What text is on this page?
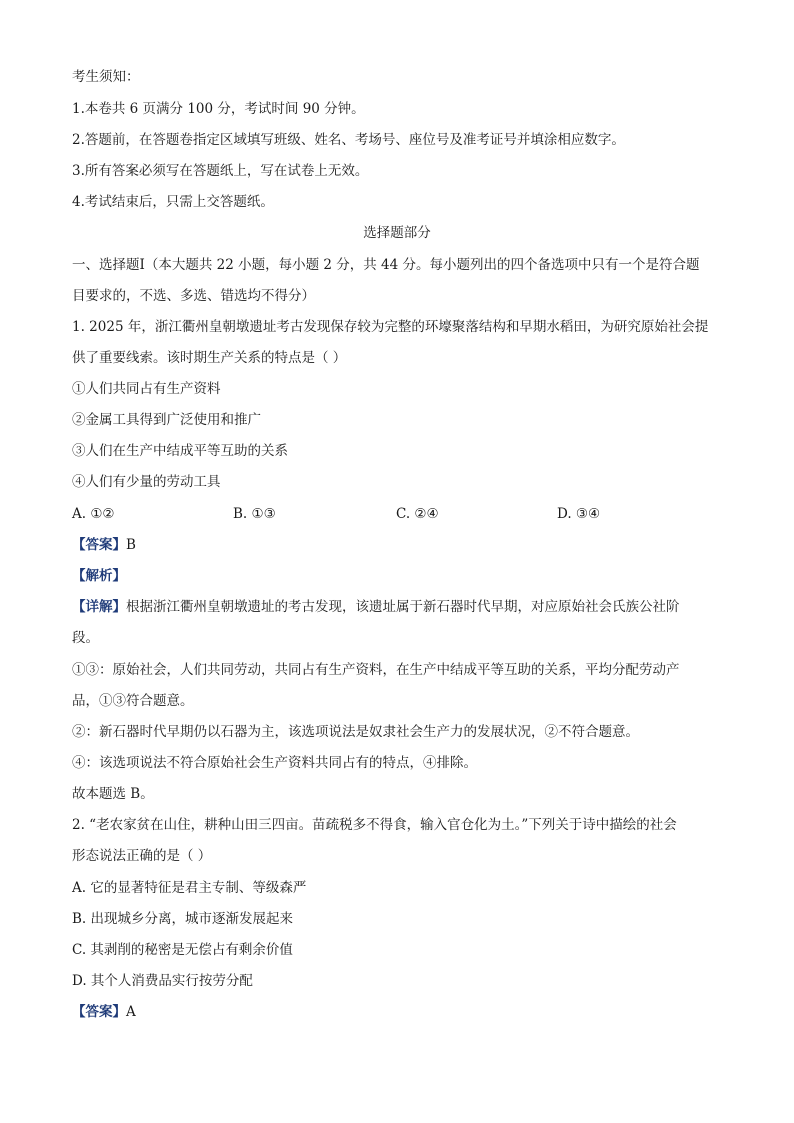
考生须知：
1.本卷共 6 页满分 100 分，考试时间 90 分钟。
2.答题前，在答题卷指定区域填写班级、姓名、考场号、座位号及准考证号并填涂相应数字。
3.所有答案必须写在答题纸上，写在试卷上无效。
4.考试结束后，只需上交答题纸。
选择题部分
一、选择题Ⅰ（本大题共 22 小题，每小题 2 分，共 44 分。每小题列出的四个备选项中只有一个是符合题
目要求的，不选、多选、错选均不得分）
1. 2025 年，浙江衢州皇朝墩遗址考古发现保存较为完整的环壕聚落结构和早期水稻田，为研究原始社会提
供了重要线索。该时期生产关系的特点是（ ）
①人们共同占有生产资料
②金属工具得到广泛使用和推广
③人们在生产中结成平等互助的关系
④人们有少量的劳动工具
A. ①②	B. ①③	C. ②④	D. ③④
【答案】B
【解析】
【详解】根据浙江衢州皇朝墩遗址的考古发现，该遗址属于新石器时代早期，对应原始社会氏族公社阶
段。
①③：原始社会，人们共同劳动，共同占有生产资料，在生产中结成平等互助的关系，平均分配劳动产
品，①③符合题意。
②：新石器时代早期仍以石器为主，该选项说法是奴隶社会生产力的发展状况，②不符合题意。
④：该选项说法不符合原始社会生产资料共同占有的特点，④排除。
故本题选 B。
2. “老农家贫在山住，耕种山田三四亩。苗疏税多不得食，输入官仓化为土。”下列关于诗中描绘的社会
形态说法正确的是（ ）
A. 它的显著特征是君主专制、等级森严
B. 出现城乡分离，城市逐渐发展起来
C. 其剥削的秘密是无偿占有剩余价值
D. 其个人消费品实行按劳分配
【答案】A
